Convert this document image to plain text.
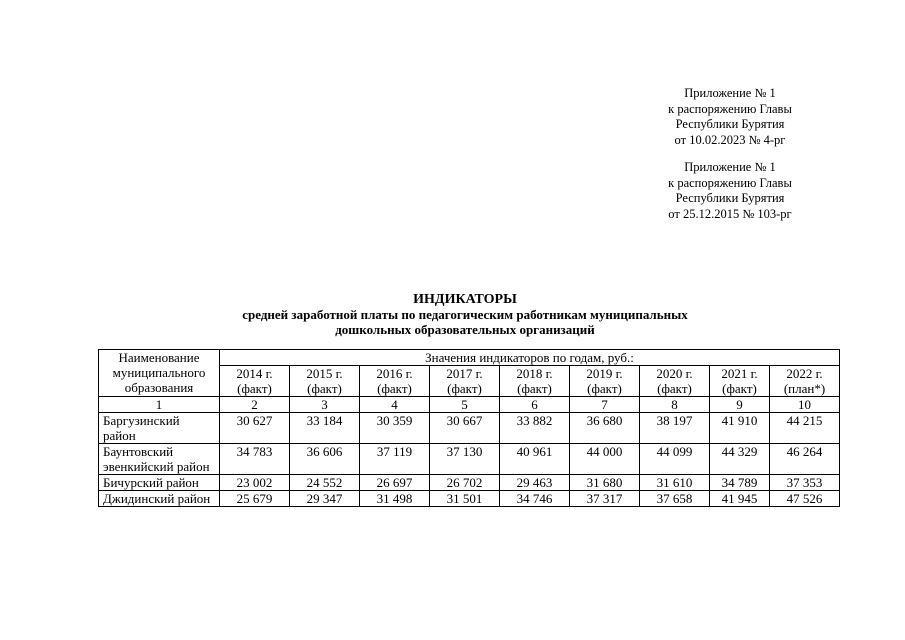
Приложение № 1
к распоряжению Главы
Республики Бурятия
от 10.02.2023 № 4-рг
Приложение № 1
к распоряжению Главы
Республики Бурятия
от 25.12.2015 № 103-рг
ИНДИКАТОРЫ
средней заработной платы по педагогическим работникам муниципальных
дошкольных образовательных организаций
Наименование муниципального образования	Значения индикаторов по годам, руб.:								
	2014 г. (факт)	2015 г. (факт)	2016 г. (факт)	2017 г. (факт)	2018 г. (факт)	2019 г. (факт)	2020 г. (факт)	2021 г. (факт)	2022 г. (план*)
1	2	3	4	5	6	7	8	9	10
Баргузинский район	30 627	33 184	30 359	30 667	33 882	36 680	38 197	41 910	44 215
Баунтовский эвенкийский район	34 783	36 606	37 119	37 130	40 961	44 000	44 099	44 329	46 264
Бичурский район	23 002	24 552	26 697	26 702	29 463	31 680	31 610	34 789	37 353
Джидинский район	25 679	29 347	31 498	31 501	34 746	37 317	37 658	41 945	47 526
